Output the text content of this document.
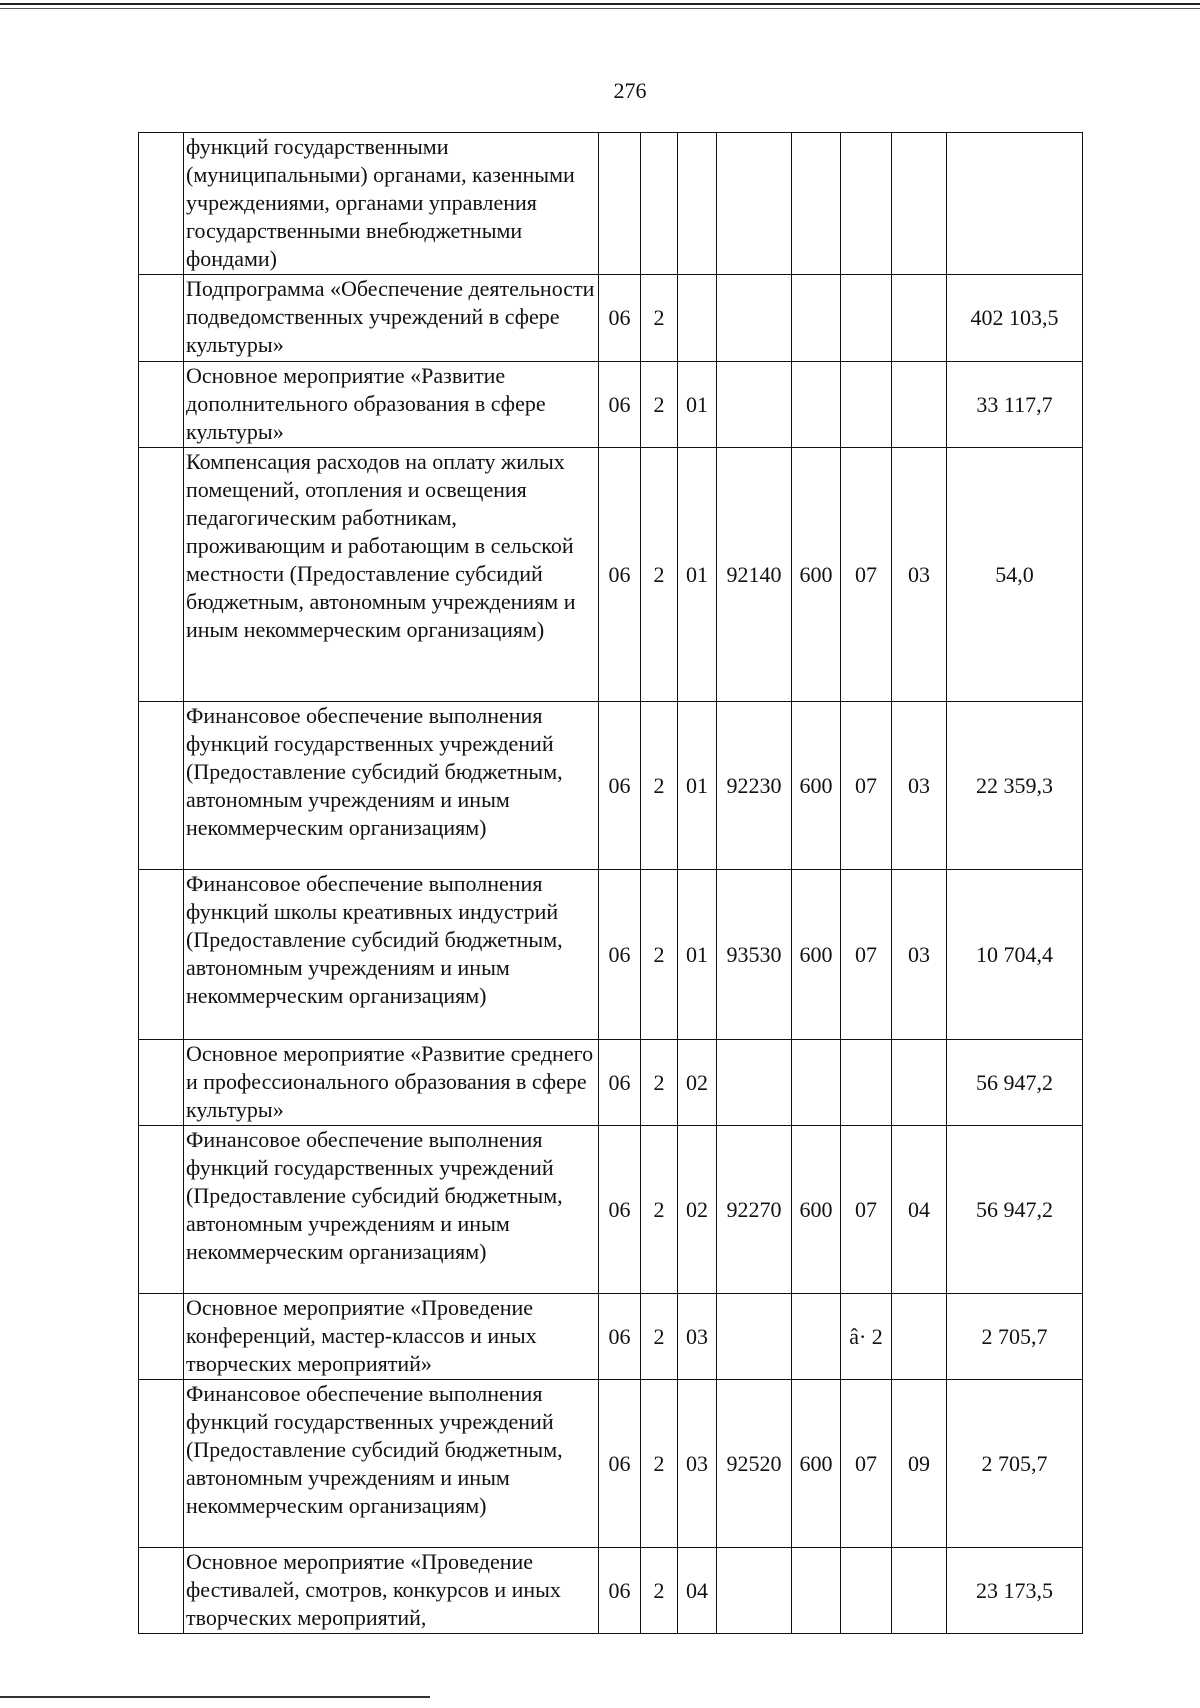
276
	функций государственными (муниципальными) органами, казенными учреждениями, органами управления государственными внебюджетными фондами)								
	Подпрограмма «Обеспечение деятельности подведомственных учреждений в сфере культуры»	06	2						402 103,5
	Основное мероприятие «Развитие дополнительного образования в сфере культуры»	06	2	01					33 117,7
	Компенсация расходов на оплату жилых помещений, отопления и освещения педагогическим работникам, проживающим и работающим в сельской местности (Предоставление субсидий бюджетным, автономным учреждениям и иным некоммерческим организациям)	06	2	01	92140	600	07	03	54,0
	Финансовое обеспечение выполнения функций государственных учреждений (Предоставление субсидий бюджетным, автономным учреждениям и иным некоммерческим организациям)	06	2	01	92230	600	07	03	22 359,3
	Финансовое обеспечение выполнения функций школы креативных индустрий (Предоставление субсидий бюджетным, автономным учреждениям и иным некоммерческим организациям)	06	2	01	93530	600	07	03	10 704,4
	Основное мероприятие «Развитие среднего и профессионального образования в сфере культуры»	06	2	02					56 947,2
	Финансовое обеспечение выполнения функций государственных учреждений (Предоставление субсидий бюджетным, автономным учреждениям и иным некоммерческим организациям)	06	2	02	92270	600	07	04	56 947,2
	Основное мероприятие «Проведение конференций, мастер-классов и иных творческих мероприятий»	06	2	03			â· 2		2 705,7
	Финансовое обеспечение выполнения функций государственных учреждений (Предоставление субсидий бюджетным, автономным учреждениям и иным некоммерческим организациям)	06	2	03	92520	600	07	09	2 705,7
	Основное мероприятие «Проведение фестивалей, смотров, конкурсов и иных творческих мероприятий,	06	2	04					23 173,5
